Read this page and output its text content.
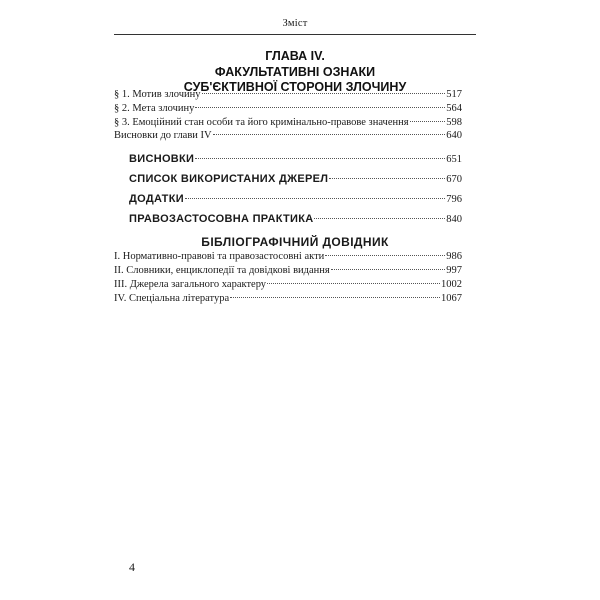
Зміст
ГЛАВА IV.
ФАКУЛЬТАТИВНІ ОЗНАКИ
СУБ'ЄКТИВНОЇ СТОРОНИ ЗЛОЧИНУ
§ 1. Мотив злочину	517
§ 2. Мета злочину	564
§ 3. Емоційний стан особи та його кримінально-правове значення	598
Висновки до глави IV	640
ВИСНОВКИ	651
СПИСОК ВИКОРИСТАНИХ ДЖЕРЕЛ	670
ДОДАТКИ	796
ПРАВОЗАСТОСОВНА ПРАКТИКА	840
БІБЛІОГРАФІЧНИЙ ДОВІДНИК
I. Нормативно-правові та правозастосовні акти	986
II. Словники, енциклопедії та довідкові видання	997
III. Джерела загального характеру	1002
IV. Спеціальна література	1067
4
